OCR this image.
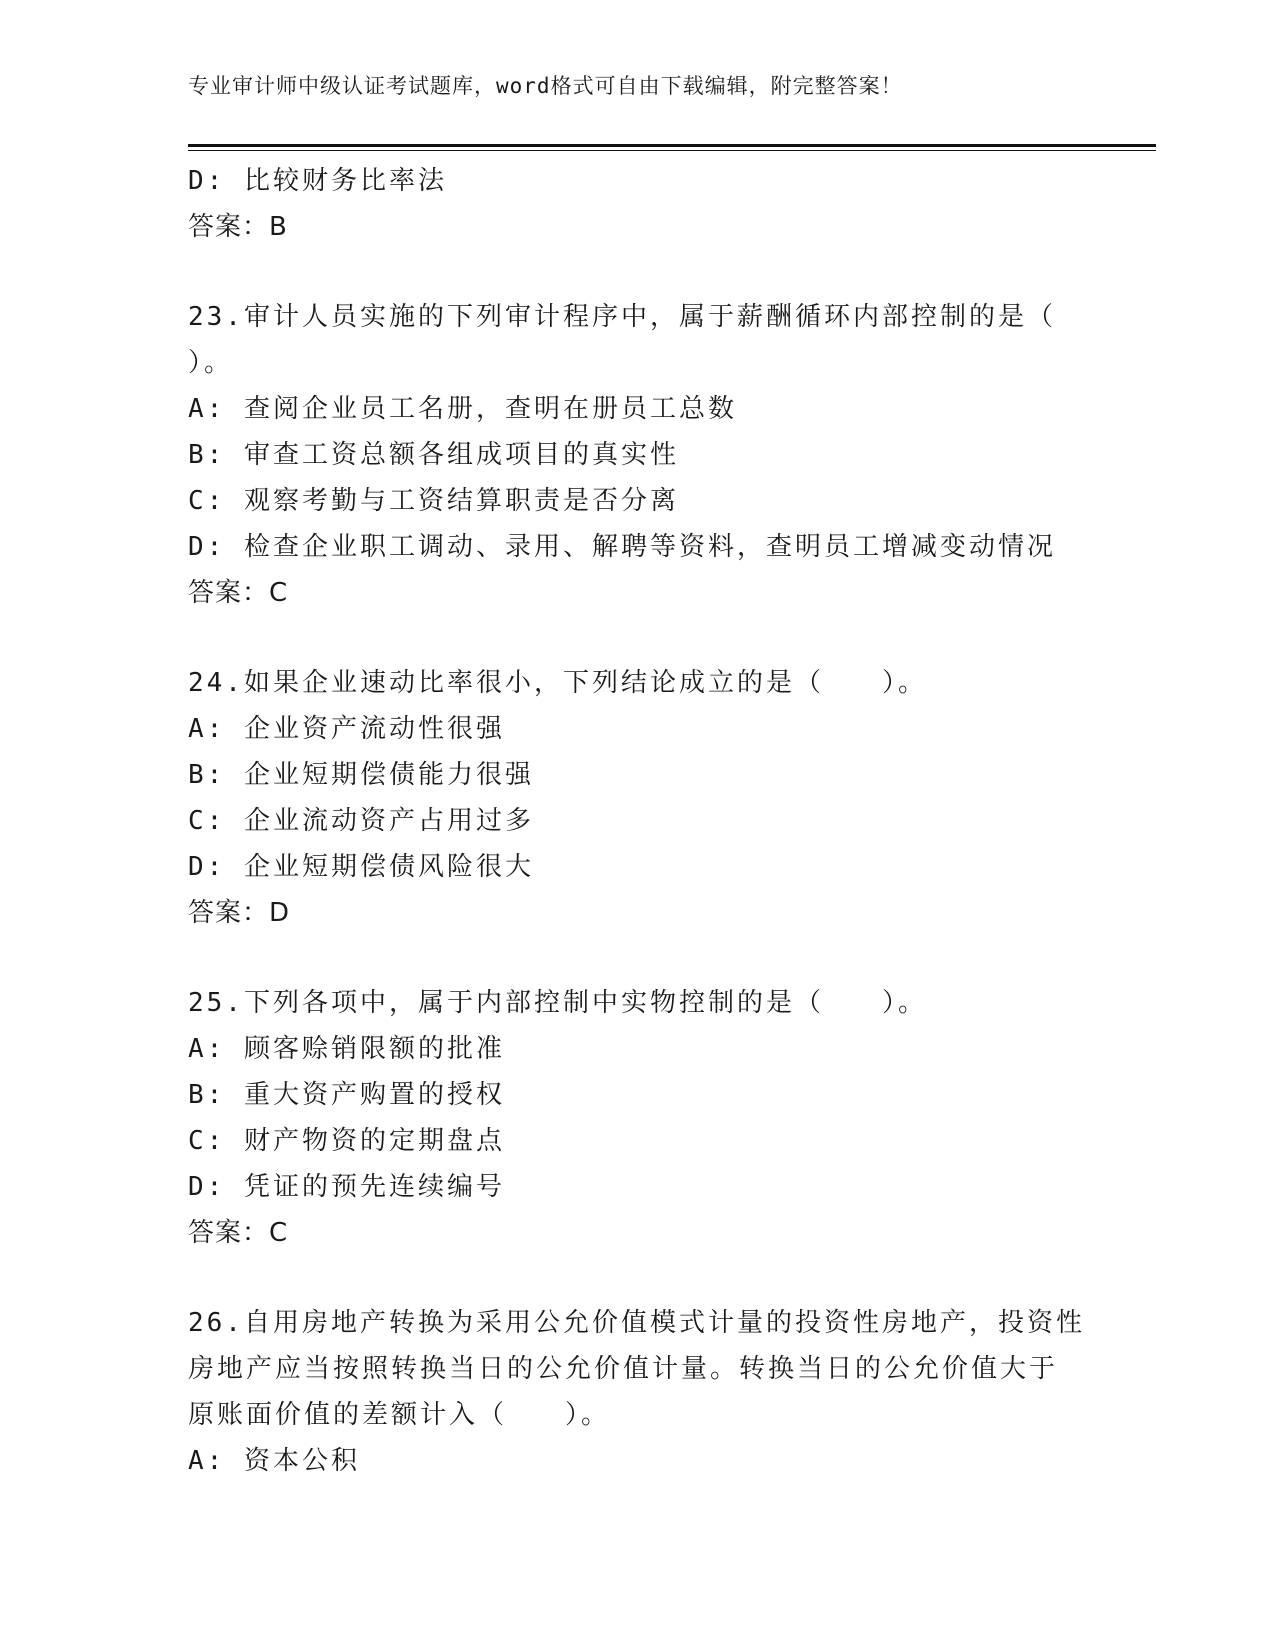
专业审计师中级认证考试题库，word格式可自由下载编辑，附完整答案！
D: 比较财务比率法
答案：B
23.审计人员实施的下列审计程序中，属于薪酬循环内部控制的是（
）。
A: 查阅企业员工名册，查明在册员工总数
B: 审查工资总额各组成项目的真实性
C: 观察考勤与工资结算职责是否分离
D: 检查企业职工调动、录用、解聘等资料，查明员工增减变动情况
答案：C
24.如果企业速动比率很小，下列结论成立的是（　　）。
A: 企业资产流动性很强
B: 企业短期偿债能力很强
C: 企业流动资产占用过多
D: 企业短期偿债风险很大
答案：D
25.下列各项中，属于内部控制中实物控制的是（　　）。
A: 顾客赊销限额的批准
B: 重大资产购置的授权
C: 财产物资的定期盘点
D: 凭证的预先连续编号
答案：C
26.自用房地产转换为采用公允价值模式计量的投资性房地产，投资性
房地产应当按照转换当日的公允价值计量。转换当日的公允价值大于
原账面价值的差额计入（　　）。
A: 资本公积
